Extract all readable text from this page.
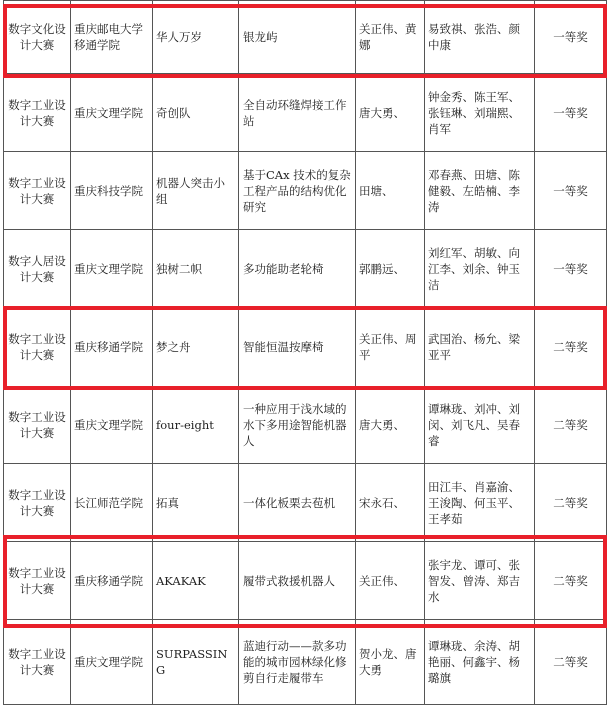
数字文化设计大赛	重庆邮电大学移通学院	华人万岁	银龙屿	关正伟、黄娜	易致祺、张浩、颜中康	一等奖
数字工业设计大赛	重庆文理学院	奇创队	全自动环缝焊接工作站	唐大勇、	钟金秀、陈王军、张钰琳、刘瑞熙、肖军	一等奖
数字工业设计大赛	重庆科技学院	机器人突击小组	基于CAx 技术的复杂工程产品的结构优化研究	田塘、	邓春燕、田塘、陈健毅、左皓楠、李涛	一等奖
数字人居设计大赛	重庆文理学院	独树二帜	多功能助老轮椅	郭鹏远、	刘红军、胡敏、向江李、刘余、钟玉洁	一等奖
数字工业设计大赛	重庆移通学院	梦之舟	智能恒温按摩椅	关正伟、周平	武国治、杨允、梁亚平	二等奖
数字工业设计大赛	重庆文理学院	four-eight	一种应用于浅水域的水下多用途智能机器人	唐大勇、	谭琳珑、刘冲、刘闵、刘飞凡、吴春睿	二等奖
数字工业设计大赛	长江师范学院	拓真	一体化板栗去苞机	宋永石、	田江丰、肖嘉渝、王浚陶、何玉平、王孝茹	二等奖
数字工业设计大赛	重庆移通学院	AKAKAK	履带式救援机器人	关正伟、	张宇龙、谭可、张智发、曾涛、郑吉水	二等奖
数字工业设计大赛	重庆文理学院	SURPASSING	蓝迪行动——款多功能的城市园林绿化修剪自行走履带车	贺小龙、唐大勇	谭琳珑、余涛、胡艳丽、何鑫宇、杨璐旗	二等奖
